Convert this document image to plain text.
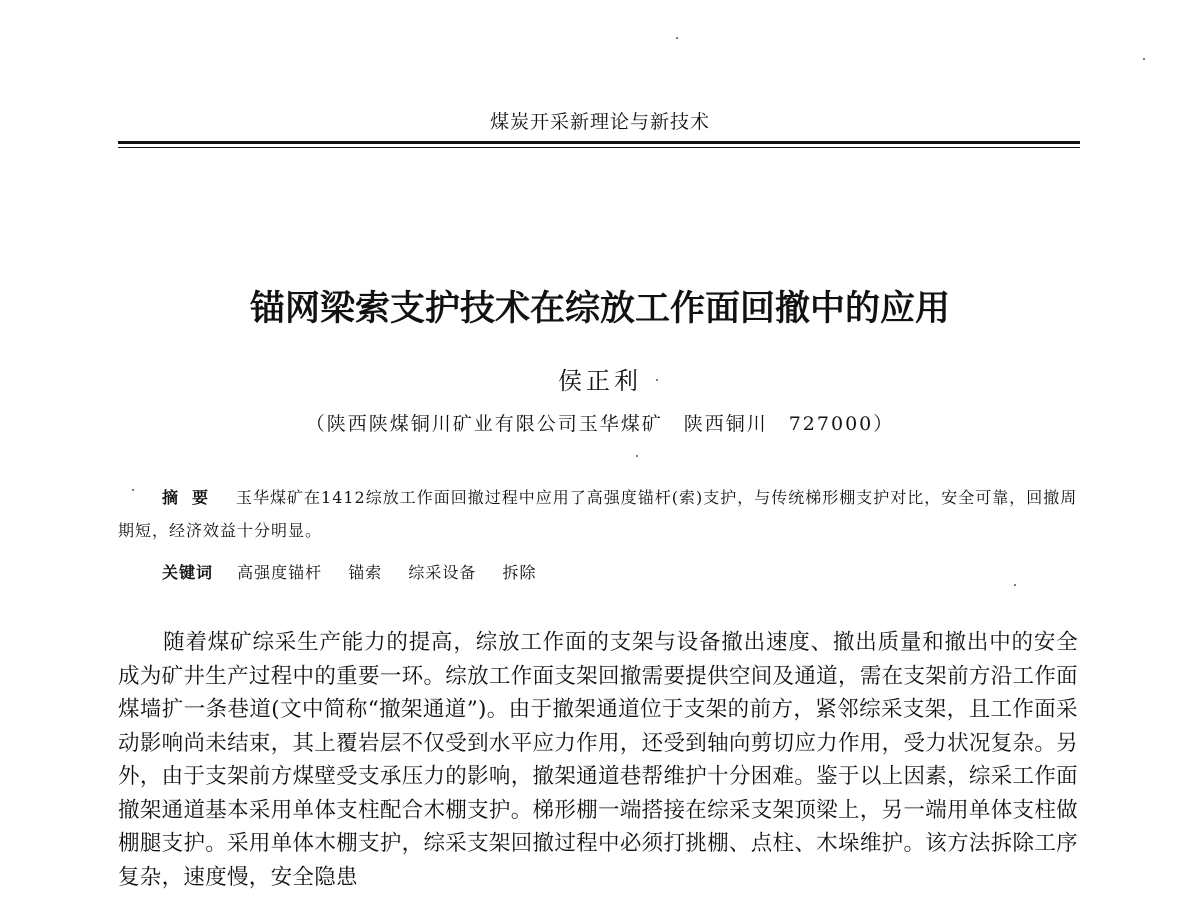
煤炭开采新理论与新技术
锚网梁索支护技术在综放工作面回撤中的应用
侯正利
（陕西陕煤铜川矿业有限公司玉华煤矿　陕西铜川　727000）
摘要 玉华煤矿在1412综放工作面回撤过程中应用了高强度锚杆(索)支护，与传统梯形棚支护对比，安全可靠，回撤周期短，经济效益十分明显。
关键词 高强度锚杆 锚索 综采设备 拆除

随着煤矿综采生产能力的提高，综放工作面的支架与设备撤出速度、撤出质量和撤出中的安全成为矿井生产过程中的重要一环。综放工作面支架回撤需要提供空间及通道，需在支架前方沿工作面煤墙扩一条巷道(文中简称“撤架通道”)。由于撤架通道位于支架的前方，紧邻综采支架，且工作面采动影响尚未结束，其上覆岩层不仅受到水平应力作用，还受到轴向剪切应力作用，受力状况复杂。另外，由于支架前方煤壁受支承压力的影响，撤架通道巷帮维护十分困难。鉴于以上因素，综采工作面撤架通道基本采用单体支柱配合木棚支护。梯形棚一端搭接在综采支架顶梁上，另一端用单体支柱做棚腿支护。采用单体木棚支护，综采支架回撤过程中必须打挑棚、点柱、木垛维护。该方法拆除工序复杂，速度慢，安全隐患
